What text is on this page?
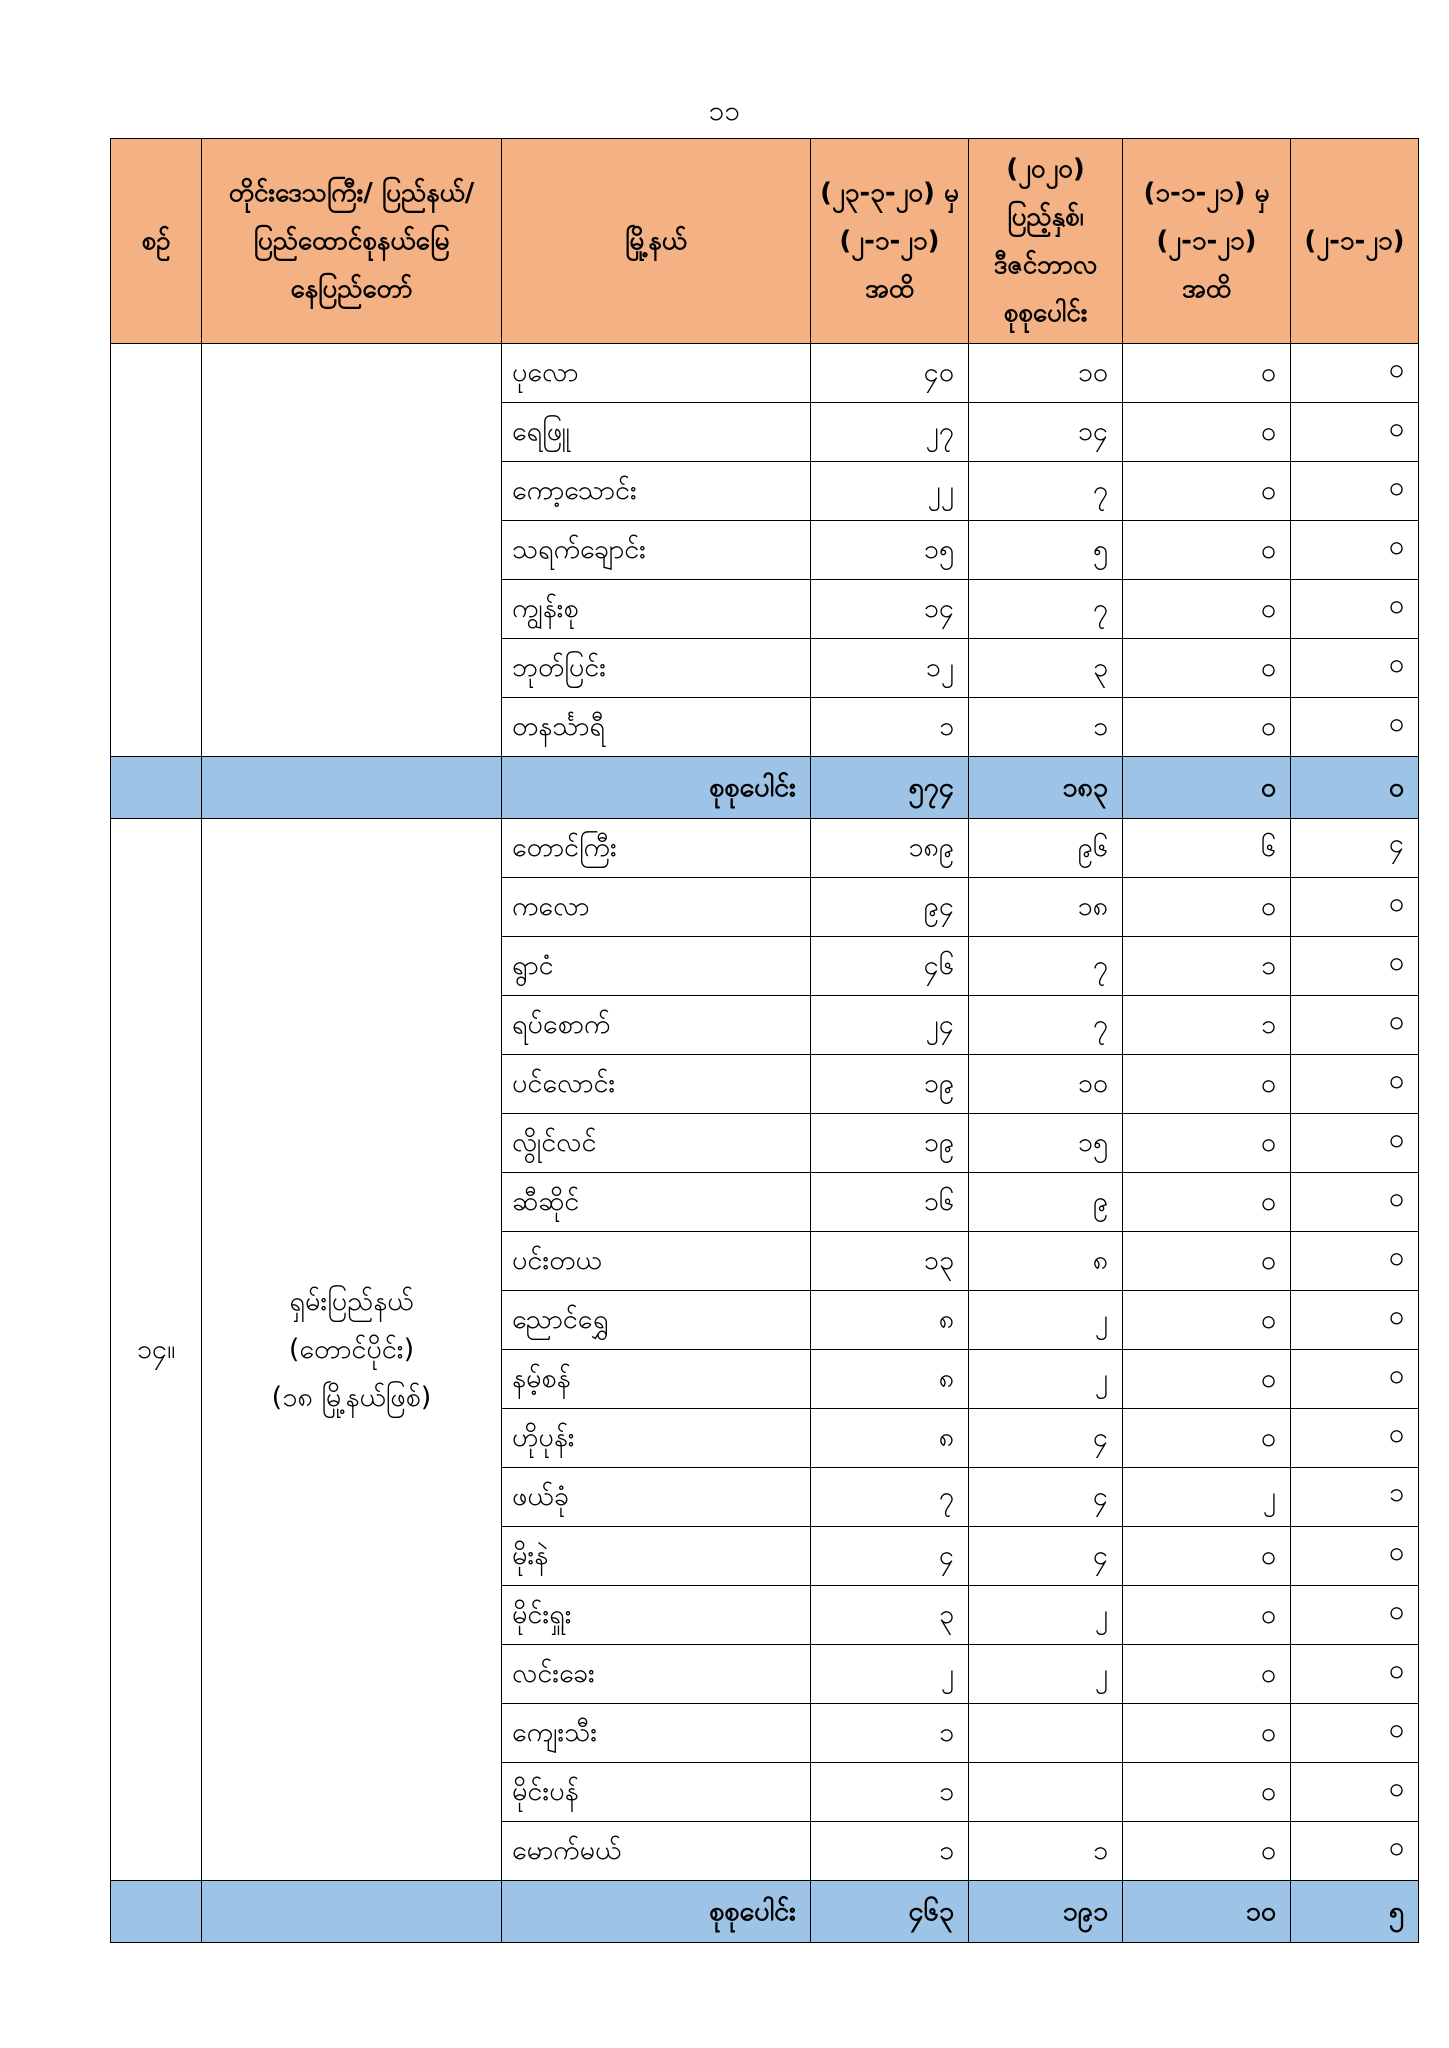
၁၁
စဉ်	တိုင်းဒေသကြီး/ ပြည်နယ်/
ပြည်ထောင်စုနယ်မြေ
နေပြည်တော်	မြို့နယ်	(၂၃-၃-၂၀) မှ
(၂-၁-၂၁)
အထိ	(၂၀၂၀)
ပြည့်နှစ်၊
ဒီဇင်ဘာလ
စုစုပေါင်း	(၁-၁-၂၁) မှ
(၂-၁-၂၁)
အထိ	(၂-၁-၂၁)
		ပုလော	၄၀	၁၀	၀	၀
		ရေဖြူ	၂၇	၁၄	၀	၀
		ကော့သောင်း	၂၂	၇	၀	၀
		သရက်ချောင်း	၁၅	၅	၀	၀
		ကျွန်းစု	၁၄	၇	၀	၀
		ဘုတ်ပြင်း	၁၂	၃	၀	၀
		တနင်္သာရီ	၁	၁	၀	၀
		စုစုပေါင်း	၅၇၄	၁၈၃	၀	၀
၁၄။	ရှမ်းပြည်နယ်
(တောင်ပိုင်း)
(၁၈ မြို့နယ်ဖြစ်)	တောင်ကြီး	၁၈၉	၉၆	၆	၄
		ကလော	၉၄	၁၈	၀	၀
		ရွာငံ	၄၆	၇	၁	၀
		ရပ်စောက်	၂၄	၇	၁	၀
		ပင်လောင်း	၁၉	၁၀	၀	၀
		လွိုင်လင်	၁၉	၁၅	၀	၀
		ဆီဆိုင်	၁၆	၉	၀	၀
		ပင်းတယ	၁၃	၈	၀	၀
		ညောင်ရွှေ	၈	၂	၀	၀
		နမ့်စန်	၈	၂	၀	၀
		ဟိုပုန်း	၈	၄	၀	၀
		ဖယ်ခုံ	၇	၄	၂	၁
		မိုးနဲ	၄	၄	၀	၀
		မိုင်းရှူး	၃	၂	၀	၀
		လင်းခေး	၂	၂	၀	၀
		ကျေးသီး	၁		၀	၀
		မိုင်းပန်	၁		၀	၀
		မောက်မယ်	၁	၁	၀	၀
		စုစုပေါင်း	၄၆၃	၁၉၁	၁၀	၅
